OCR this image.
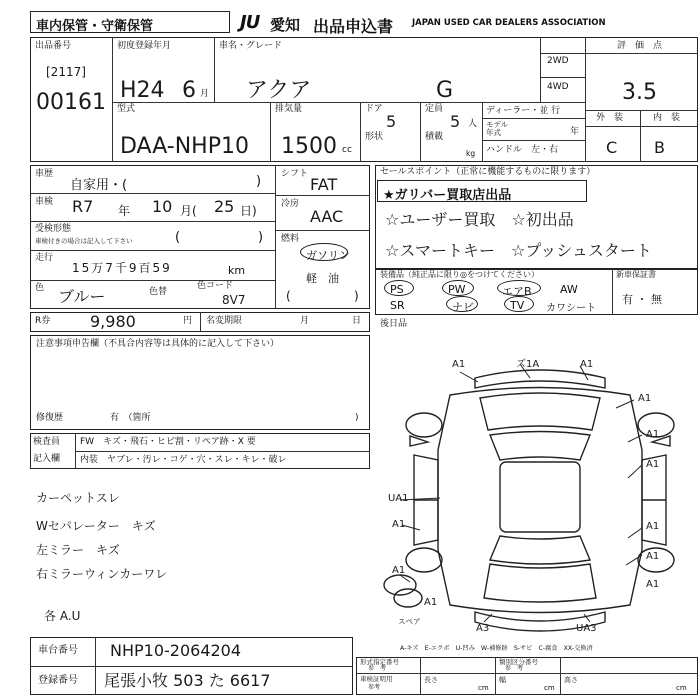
車内保管・守衛保管	JU 愛知 出品申込書 JAPAN USED CAR DEALERS ASSOCIATION
出品番号
[2117]
00161
初度登録年月
H24 6 月
車名・グレード
アクア	G
2WD
4WD
評　価　点
3.5
外　装	内　装
C B
型式
DAA-NHP10
排気量
1500 cc
ドア
5
形状
定員
5 人
積載
kg
ディーラー・並 行
モデル
年式	年
ハンドル　左・右
車歴
自家用・(	)
車検 R7 年 10 月( 25 日)
受検形態
車検付きの場合は記入して下さい	(	)
走行
15万7千9百59	km
色 ブルー	色替
色コード
8V7
シフト
FAT
冷房
AAC
燃料
ガソリン
軽　油
(	)
R券 9,980	円 名変期限	月	日
セールスポイント（正常に機能するものに限ります）
★ガリバー買取店出品
☆ユーザー買取　☆初出品
☆スマートキー　☆プッシュスタート
装備品（純正品に限り◎をつけてください）	新車保証書
有 ・ 無
PS	PW	エアB	AW
SR	ナビ	TV カワシート
後日品
注意事項申告欄（不具合内容等は具体的に記入して下さい）
修復歴	有　（箇所	)
検査員
記入欄
FW　キズ・飛石・ヒビ割・リペア跡・X 要
内装　ヤブレ・汚レ・コゲ・穴・スレ・キレ・破レ
カーペットスレ
Wセパレーター　キズ
左ミラー　キズ
右ミラーウィンカーワレ
各 A.U
A1	ズ1A	A1
A1
A1
A1
UA1
A1	A1
A1
A1
A1
A3	UA3
A1
スペア
A-キズ　E-エクボ　U-凹み　W-補修跡　S-サビ　C-腐食　XX-交換済
車台番号 NHP10-2064204
登録番号 尾張小牧 503 た 6617
形式指定番号
参　考
類別区分番号
参　考
車検証明用
参考
長さ
cm
幅
cm
高さ
cm
